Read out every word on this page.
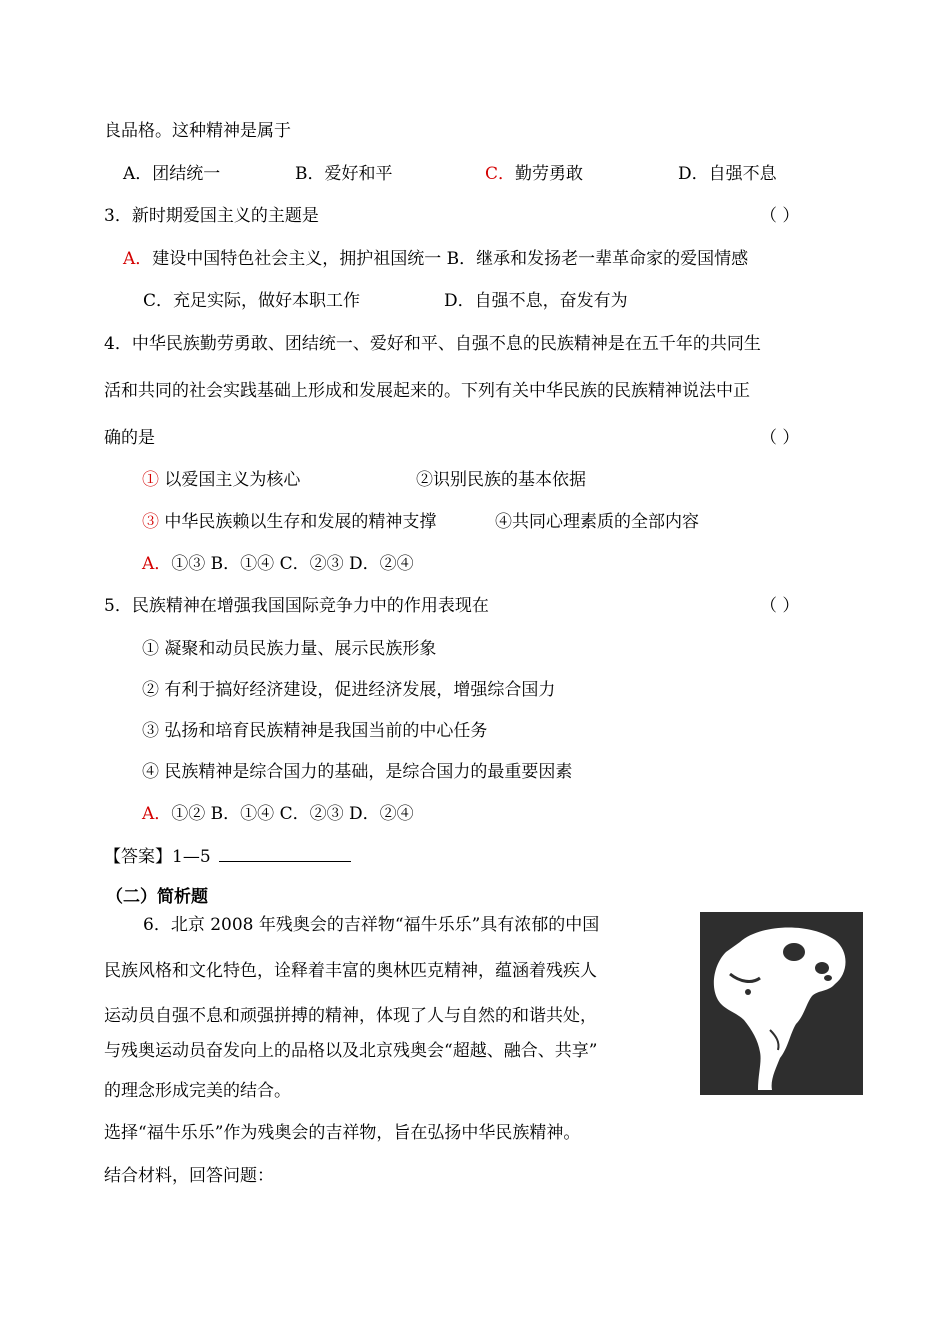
良品格。这种精神是属于
A．团结统一	B．爱好和平	C．勤劳勇敢	D．自强不息
3．新时期爱国主义的主题是	（ ）
A．建设中国特色社会主义，拥护祖国统一 B．继承和发扬老一辈革命家的爱国情感
C．充足实际，做好本职工作	D．自强不息，奋发有为
4．中华民族勤劳勇敢、团结统一、爱好和平、自强不息的民族精神是在五千年的共同生
活和共同的社会实践基础上形成和发展起来的。下列有关中华民族的民族精神说法中正
确的是	（ ）
① 以爱国主义为核心	②识别民族的基本依据
③ 中华民族赖以生存和发展的精神支撑	④共同心理素质的全部内容
A．①③ B．①④ C．②③ D．②④
5．民族精神在增强我国国际竞争力中的作用表现在	（ ）
① 凝聚和动员民族力量、展示民族形象
② 有利于搞好经济建设，促进经济发展，增强综合国力
③ 弘扬和培育民族精神是我国当前的中心任务
④ 民族精神是综合国力的基础，是综合国力的最重要因素
A．①② B．①④ C．②③ D．②④
【答案】1—5
（二）简析题
6．北京 2008 年残奥会的吉祥物“福牛乐乐”具有浓郁的中国
民族风格和文化特色，诠释着丰富的奥林匹克精神，蕴涵着残疾人
运动员自强不息和顽强拼搏的精神，体现了人与自然的和谐共处，
与残奥运动员奋发向上的品格以及北京残奥会“超越、融合、共享”
的理念形成完美的结合。
选择“福牛乐乐”作为残奥会的吉祥物，旨在弘扬中华民族精神。
结合材料，回答问题：
